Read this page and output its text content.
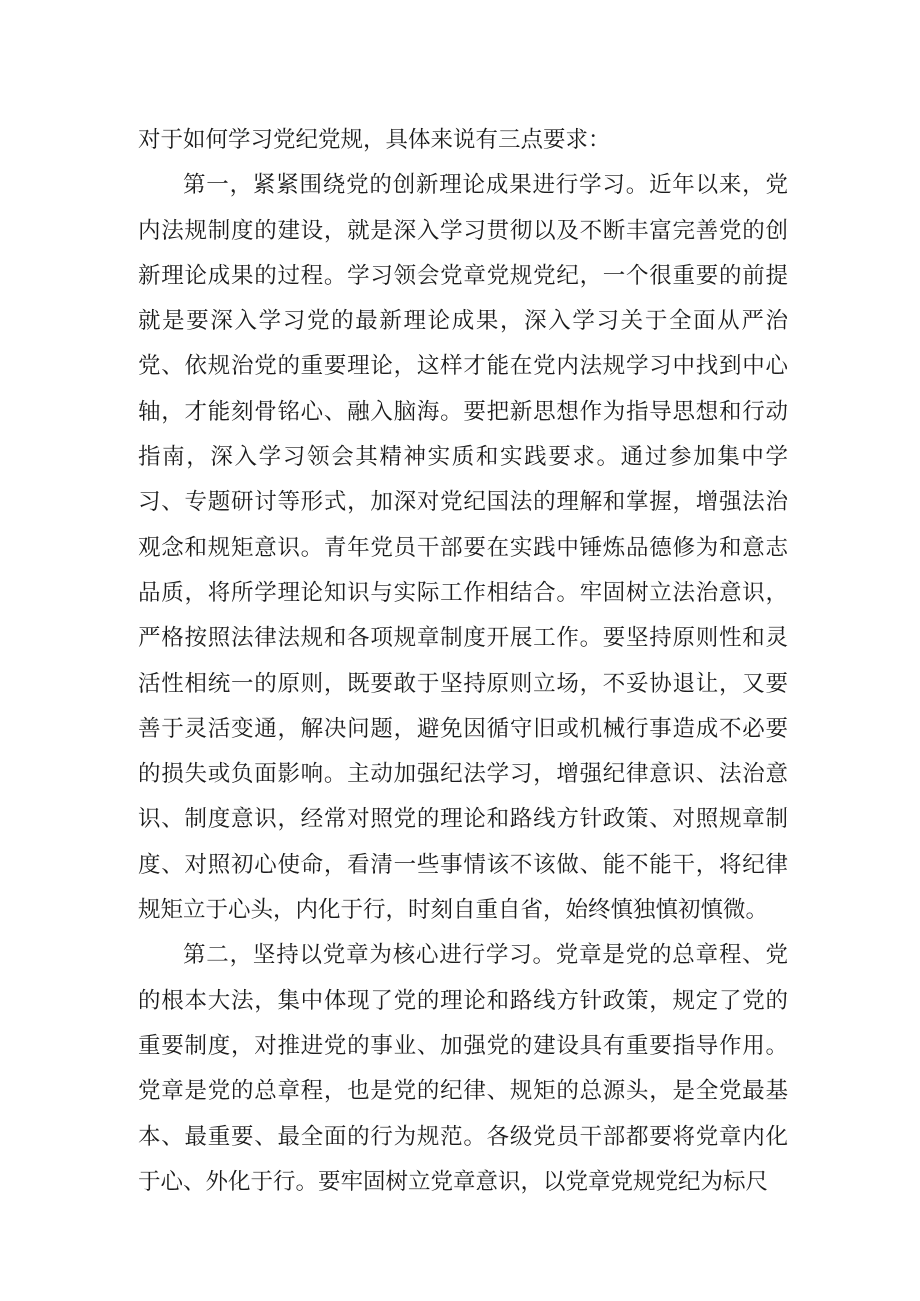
对于如何学习党纪党规，具体来说有三点要求：

第一，紧紧围绕党的创新理论成果进行学习。近年以来，党内法规制度的建设，就是深入学习贯彻以及不断丰富完善党的创新理论成果的过程。学习领会党章党规党纪，一个很重要的前提就是要深入学习党的最新理论成果，深入学习关于全面从严治党、依规治党的重要理论，这样才能在党内法规学习中找到中心轴，才能刻骨铭心、融入脑海。要把新思想作为指导思想和行动指南，深入学习领会其精神实质和实践要求。通过参加集中学习、专题研讨等形式，加深对党纪国法的理解和掌握，增强法治观念和规矩意识。青年党员干部要在实践中锤炼品德修为和意志品质，将所学理论知识与实际工作相结合。牢固树立法治意识，严格按照法律法规和各项规章制度开展工作。要坚持原则性和灵活性相统一的原则，既要敢于坚持原则立场，不妥协退让，又要善于灵活变通，解决问题，避免因循守旧或机械行事造成不必要的损失或负面影响。主动加强纪法学习，增强纪律意识、法治意识、制度意识，经常对照党的理论和路线方针政策、对照规章制度、对照初心使命，看清一些事情该不该做、能不能干，将纪律规矩立于心头，内化于行，时刻自重自省，始终慎独慎初慎微。

第二，坚持以党章为核心进行学习。党章是党的总章程、党的根本大法，集中体现了党的理论和路线方针政策，规定了党的重要制度，对推进党的事业、加强党的建设具有重要指导作用。党章是党的总章程，也是党的纪律、规矩的总源头，是全党最基本、最重要、最全面的行为规范。各级党员干部都要将党章内化于心、外化于行。要牢固树立党章意识，以党章党规党纪为标尺
